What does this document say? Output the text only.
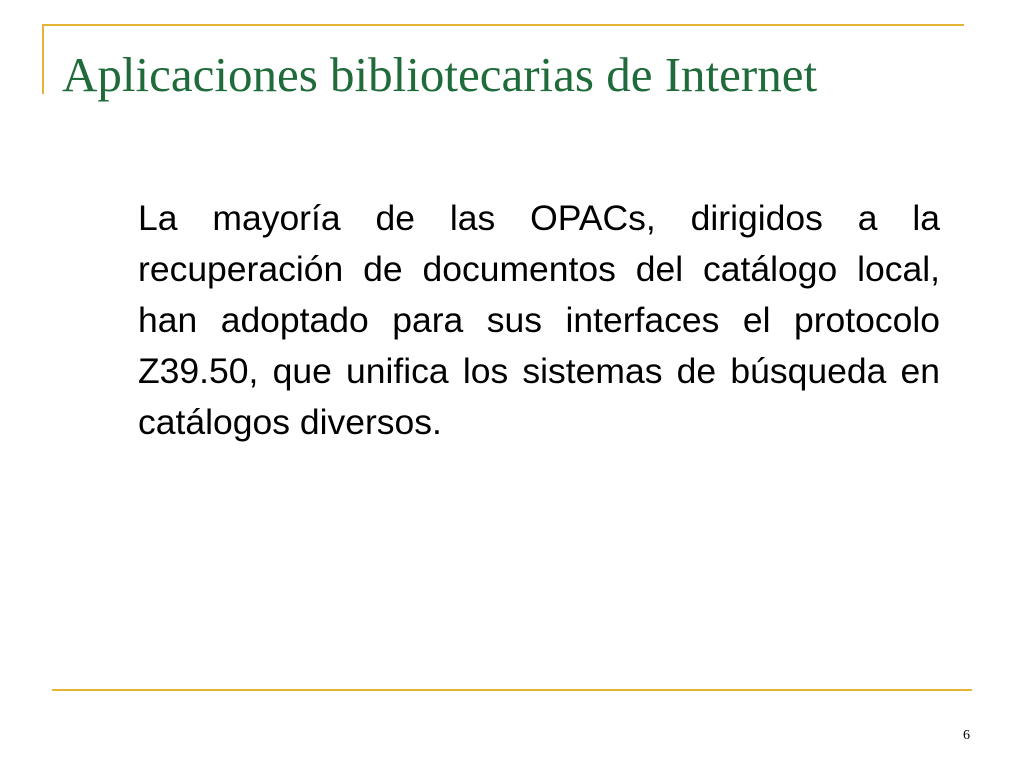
Aplicaciones bibliotecarias de Internet

La mayoría de las OPACs, dirigidos a la recuperación de documentos del catálogo local, han adoptado para sus interfaces el protocolo Z39.50, que unifica los sistemas de búsqueda en catálogos diversos.

6
